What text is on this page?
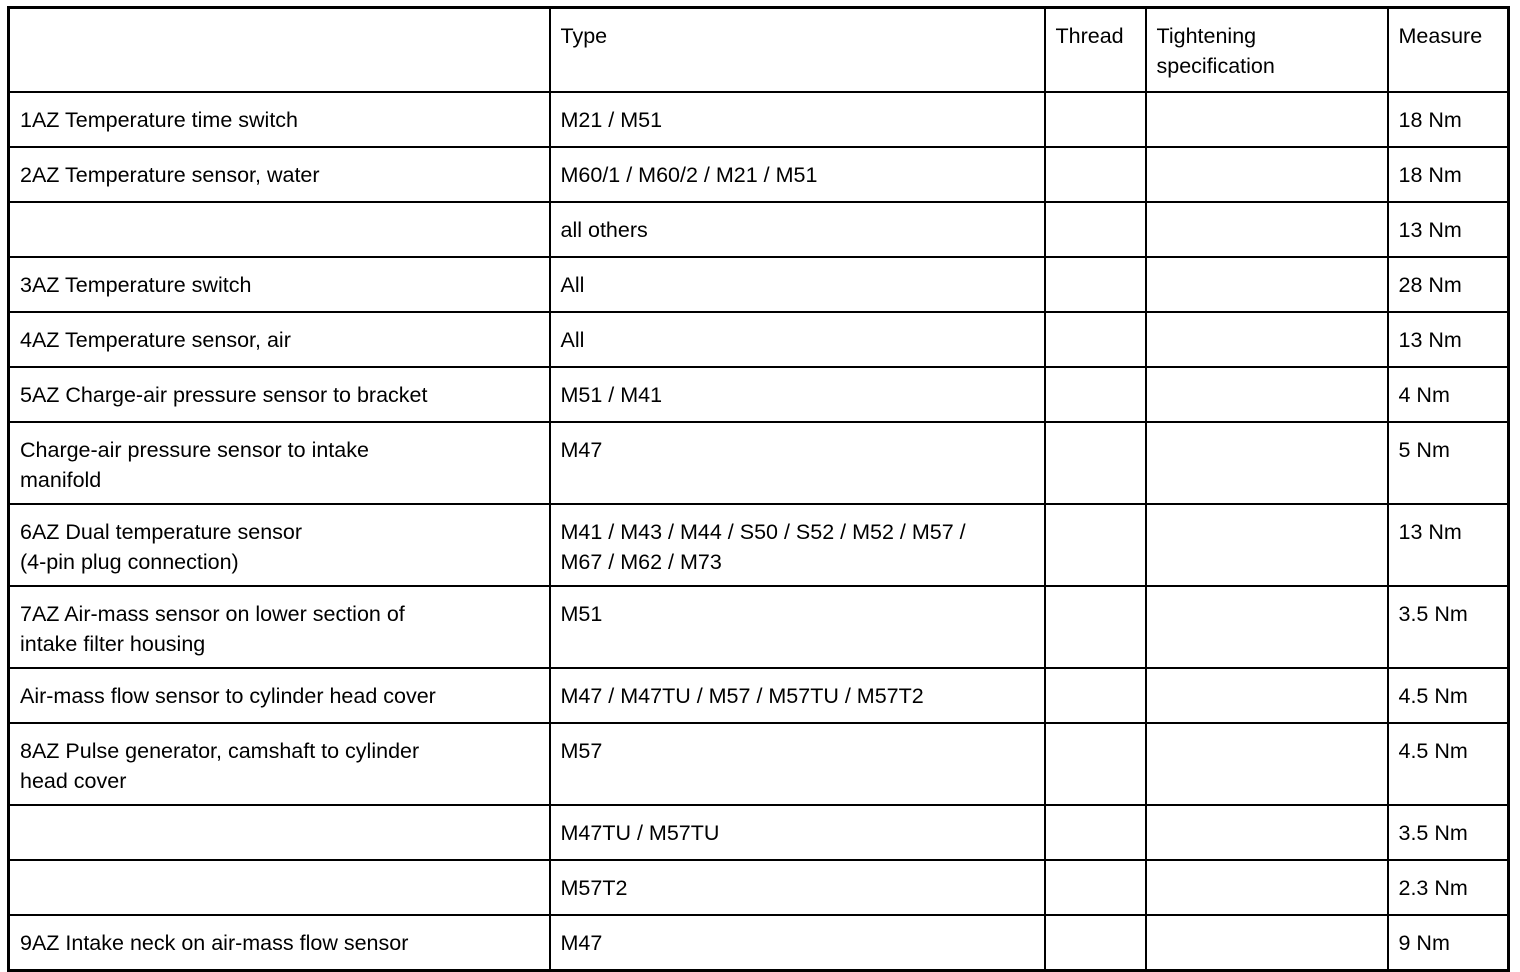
	Type	Thread	Tightening
specification	Measure
1AZ Temperature time switch	M21 / M51			18 Nm
2AZ Temperature sensor, water	M60/1 / M60/2 / M21 / M51			18 Nm
	all others			13 Nm
3AZ Temperature switch	All			28 Nm
4AZ Temperature sensor, air	All			13 Nm
5AZ Charge-air pressure sensor to bracket	M51 / M41			4 Nm
Charge-air pressure sensor to intake
manifold	M47			5 Nm
6AZ Dual temperature sensor
(4-pin plug connection)	M41 / M43 / M44 / S50 / S52 / M52 / M57 /
M67 / M62 / M73			13 Nm
7AZ Air-mass sensor on lower section of
intake filter housing	M51			3.5 Nm
Air-mass flow sensor to cylinder head cover	M47 / M47TU / M57 / M57TU / M57T2			4.5 Nm
8AZ Pulse generator, camshaft to cylinder
head cover	M57			4.5 Nm
	M47TU / M57TU			3.5 Nm
	M57T2			2.3 Nm
9AZ Intake neck on air-mass flow sensor	M47			9 Nm
